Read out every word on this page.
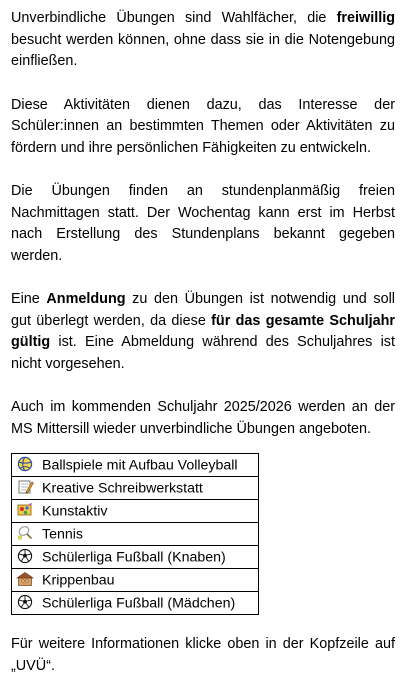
Unverbindliche Übungen sind Wahlfächer, die freiwillig besucht werden können, ohne dass sie in die Notengebung einfließen.

Diese Aktivitäten dienen dazu, das Interesse der Schüler:innen an bestimmten Themen oder Aktivitäten zu fördern und ihre persönlichen Fähigkeiten zu entwickeln.

Die Übungen finden an stundenplanmäßig freien Nachmittagen statt. Der Wochentag kann erst im Herbst nach Erstellung des Stundenplans bekannt gegeben werden.

Eine Anmeldung zu den Übungen ist notwendig und soll gut überlegt werden, da diese für das gesamte Schuljahr gültig ist. Eine Abmeldung während des Schuljahres ist nicht vorgesehen.

Auch im kommenden Schuljahr 2025/2026 werden an der MS Mittersill wieder unverbindliche Übungen angeboten.

Ballspiele mit Aufbau Volleyball

Kreative Schreibwerkstatt

Kunstaktiv

Tennis

Schülerliga Fußball (Knaben)

Krippenbau

Schülerliga Fußball (Mädchen)

Für weitere Informationen klicke oben in der Kopfzeile auf „UVÜ“.
